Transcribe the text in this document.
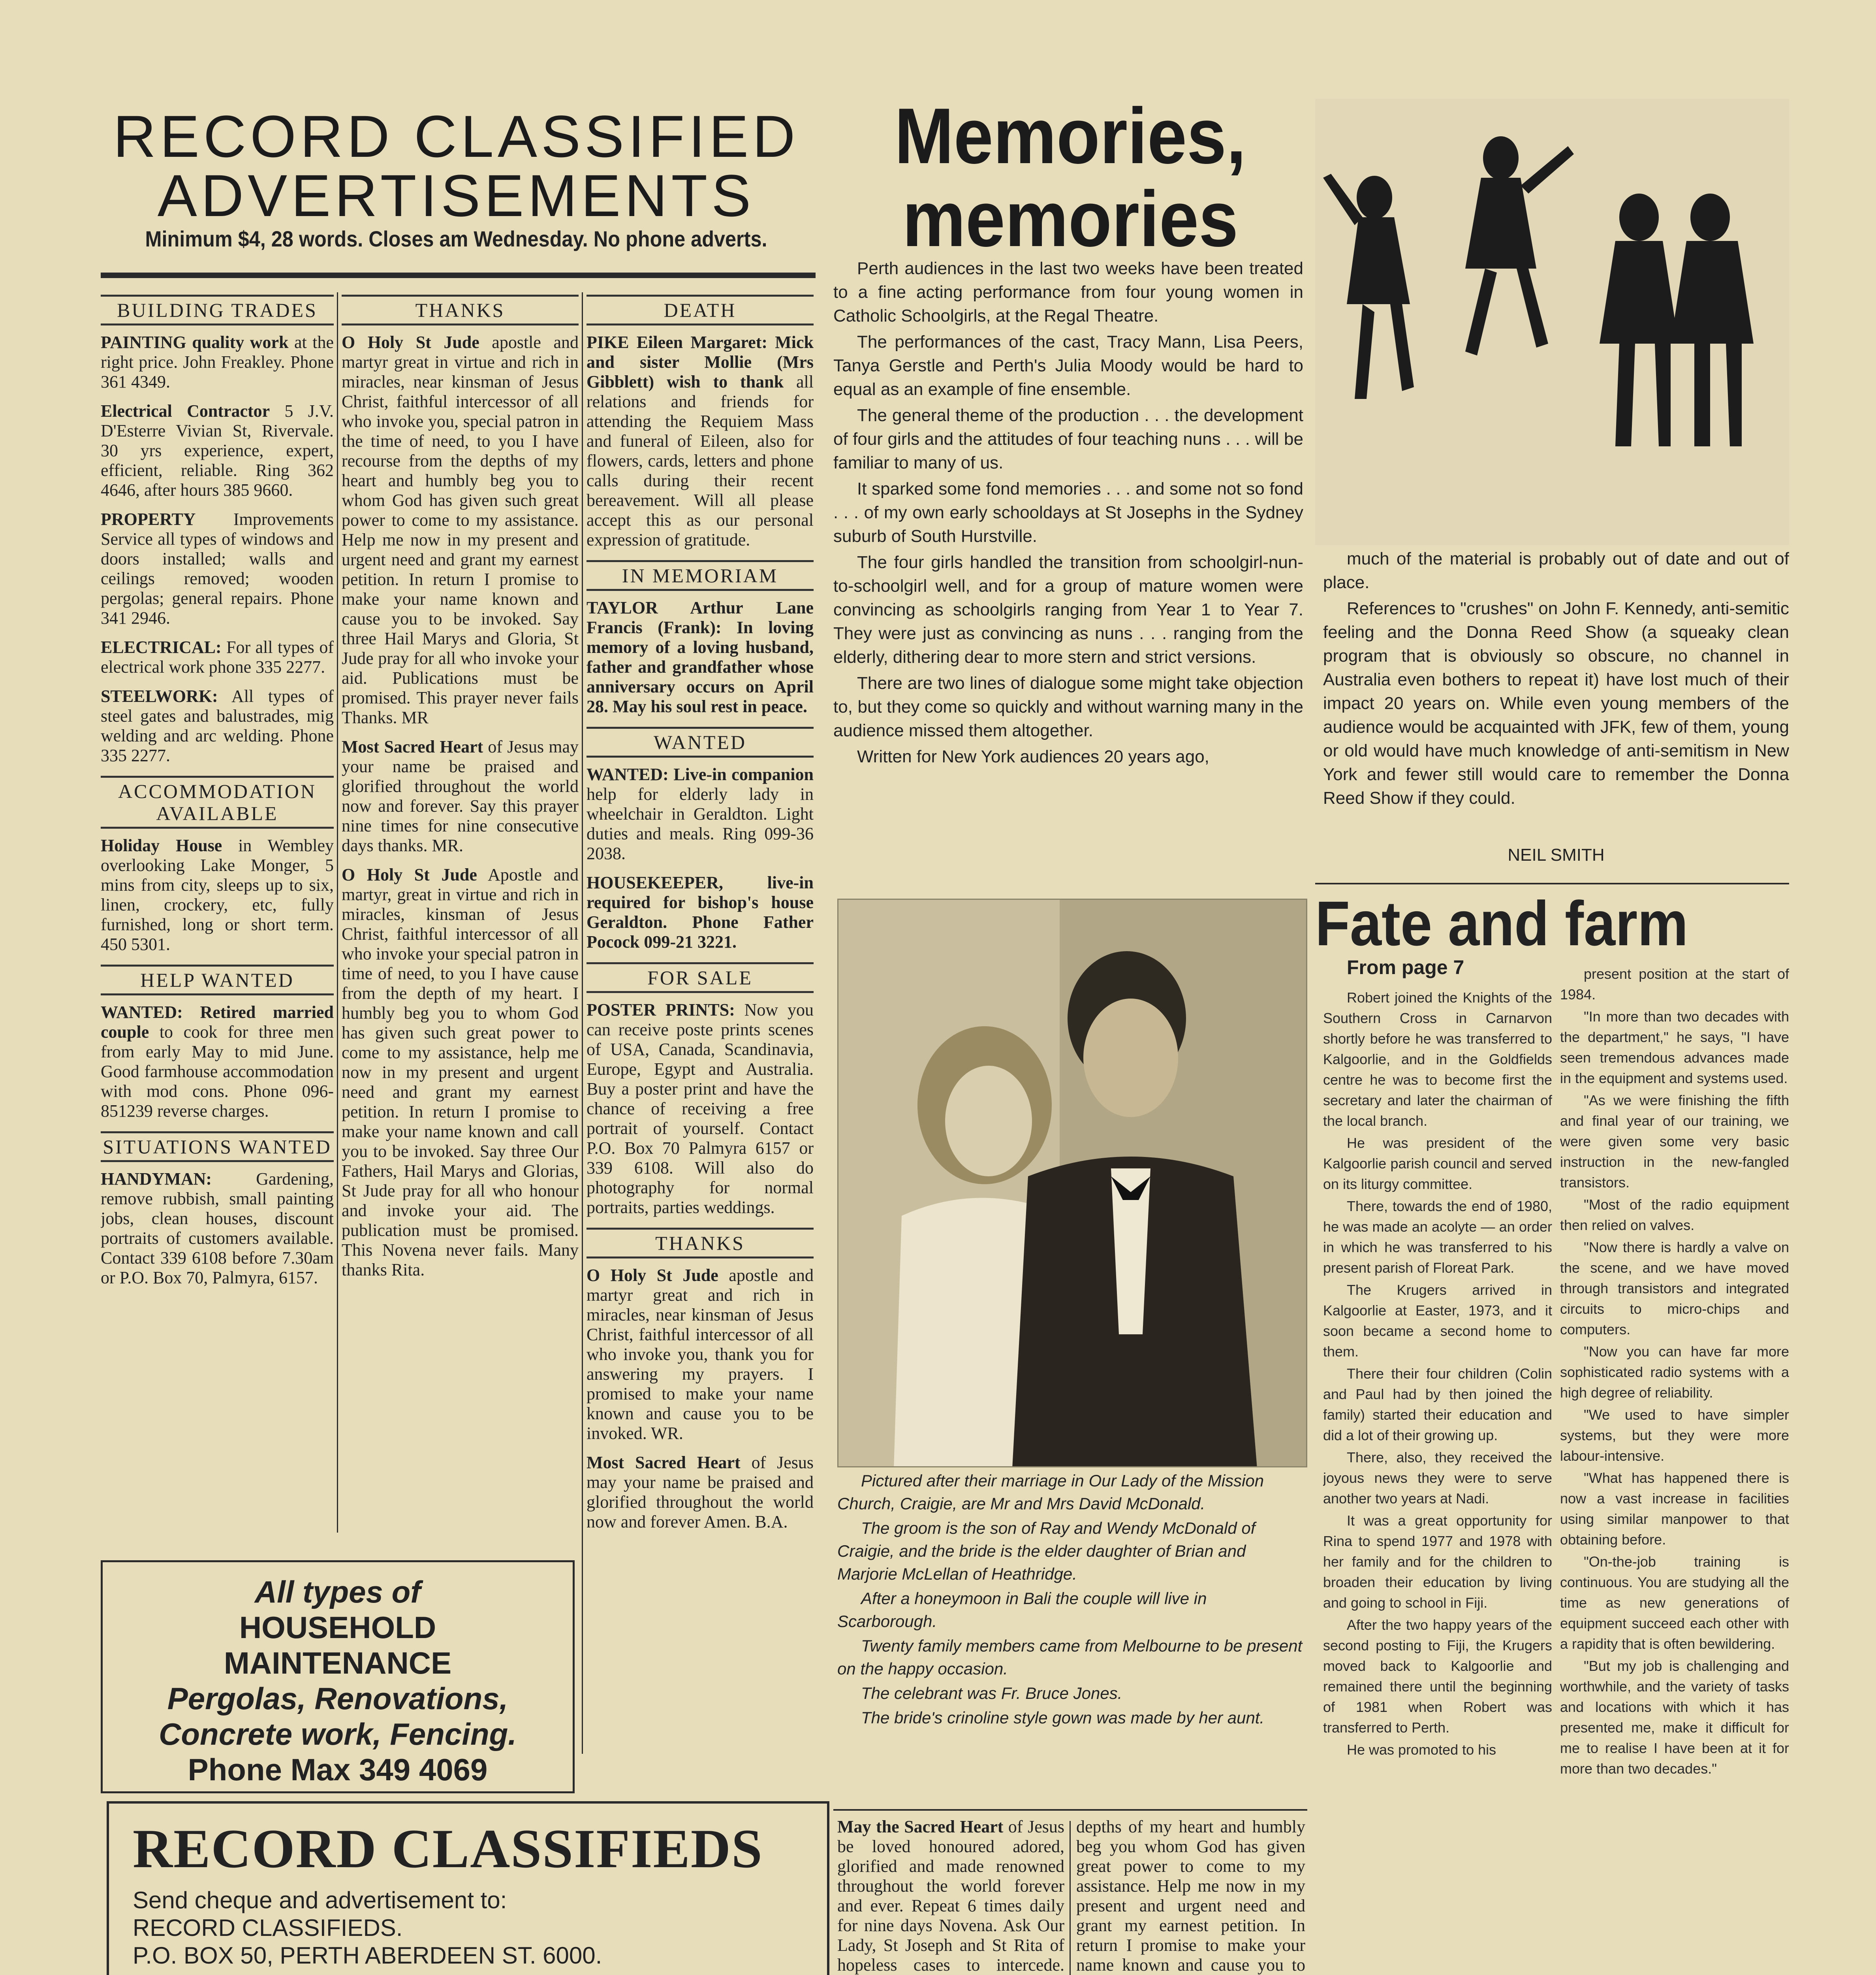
RECORD CLASSIFIED
ADVERTISEMENTS
Minimum $4, 28 words. Closes am Wednesday. No phone adverts.
BUILDING TRADES

PAINTING quality work at the right price. John Freakley. Phone 361 4349.

Electrical Contractor 5 J.V. D'Esterre Vivian St, Rivervale. 30 yrs experience, expert, efficient, reliable. Ring 362 4646, after hours 385 9660.

PROPERTY Improvements Service all types of windows and doors installed; walls and ceilings removed; wooden pergolas; general repairs. Phone 341 2946.

ELECTRICAL: For all types of electrical work phone 335 2277.

STEELWORK: All types of steel gates and balustrades, mig welding and arc welding. Phone 335 2277.

ACCOMMODATION AVAILABLE

Holiday House in Wembley overlooking Lake Monger, 5 mins from city, sleeps up to six, linen, crockery, etc, fully furnished, long or short term. 450 5301.

HELP WANTED

WANTED: Retired married couple to cook for three men from early May to mid June. Good farmhouse accommodation with mod cons. Phone 096-851239 reverse charges.

SITUATIONS WANTED

HANDYMAN: Gardening, remove rubbish, small painting jobs, clean houses, discount portraits of customers available. Contact 339 6108 before 7.30am or P.O. Box 70, Palmyra, 6157.

THANKS

O Holy St Jude apostle and martyr great in virtue and rich in miracles, near kinsman of Jesus Christ, faithful intercessor of all who invoke you, special patron in the time of need, to you I have recourse from the depths of my heart and humbly beg you to whom God has given such great power to come to my assistance. Help me now in my present and urgent need and grant my earnest petition. In return I promise to make your name known and cause you to be invoked. Say three Hail Marys and Gloria, St Jude pray for all who invoke your aid. Publications must be promised. This prayer never fails Thanks. MR

Most Sacred Heart of Jesus may your name be praised and glorified throughout the world now and forever. Say this prayer nine times for nine consecutive days thanks. MR.

O Holy St Jude Apostle and martyr, great in virtue and rich in miracles, kinsman of Jesus Christ, faithful intercessor of all who invoke your special patron in time of need, to you I have cause from the depth of my heart. I humbly beg you to whom God has given such great power to come to my assistance, help me now in my present and urgent need and grant my earnest petition. In return I promise to make your name known and call you to be invoked. Say three Our Fathers, Hail Marys and Glorias, St Jude pray for all who honour and invoke your aid. The publication must be promised. This Novena never fails. Many thanks Rita.

DEATH

PIKE Eileen Margaret: Mick and sister Mollie (Mrs Gibblett) wish to thank all relations and friends for attending the Requiem Mass and funeral of Eileen, also for flowers, cards, letters and phone calls during their recent bereavement. Will all please accept this as our personal expression of gratitude.

IN MEMORIAM

TAYLOR Arthur Lane Francis (Frank): In loving memory of a loving husband, father and grandfather whose anniversary occurs on April 28. May his soul rest in peace.

WANTED

WANTED: Live-in companion help for elderly lady in wheelchair in Geraldton. Light duties and meals. Ring 099-36 2038.

HOUSEKEEPER, live-in required for bishop's house Geraldton. Phone Father Pocock 099-21 3221.

FOR SALE

POSTER PRINTS: Now you can receive poste prints scenes of USA, Canada, Scandinavia, Europe, Egypt and Australia. Buy a poster print and have the chance of receiving a free portrait of yourself. Contact P.O. Box 70 Palmyra 6157 or 339 6108. Will also do photography for normal portraits, parties weddings.

THANKS

O Holy St Jude apostle and martyr great and rich in miracles, near kinsman of Jesus Christ, faithful intercessor of all who invoke you, thank you for answering my prayers. I promised to make your name known and cause you to be invoked. WR.

Most Sacred Heart of Jesus may your name be praised and glorified throughout the world now and forever Amen. B.A.

All types of
HOUSEHOLD
MAINTENANCE
Pergolas, Renovations,
Concrete work, Fencing.
Phone Max 349 4069
RECORD CLASSIFIEDS
Send cheque and advertisement to:
RECORD CLASSIFIEDS.
P.O. BOX 50, PERTH ABERDEEN ST. 6000.
Memories,
memories

Perth audiences in the last two weeks have been treated to a fine acting performance from four young women in Catholic Schoolgirls, at the Regal Theatre.

The performances of the cast, Tracy Mann, Lisa Peers, Tanya Gerstle and Perth's Julia Moody would be hard to equal as an example of fine ensemble.

The general theme of the production . . . the development of four girls and the attitudes of four teaching nuns . . . will be familiar to many of us.

It sparked some fond memories . . . and some not so fond . . . of my own early schooldays at St Josephs in the Sydney suburb of South Hurstville.

The four girls handled the transition from schoolgirl-nun-to-schoolgirl well, and for a group of mature women were convincing as schoolgirls ranging from Year 1 to Year 7. They were just as convincing as nuns . . . ranging from the elderly, dithering dear to more stern and strict versions.

There are two lines of dialogue some might take objection to, but they come so quickly and without warning many in the audience missed them altogether.

Written for New York audiences 20 years ago,

much of the material is probably out of date and out of place.

References to "crushes" on John F. Kennedy, anti-semitic feeling and the Donna Reed Show (a squeaky clean program that is obviously so obscure, no channel in Australia even bothers to repeat it) have lost much of their impact 20 years on. While even young members of the audience would be acquainted with JFK, few of them, young or old would have much knowledge of anti-semitism in New York and fewer still would care to remember the Donna Reed Show if they could.

NEIL SMITH

Pictured after their marriage in Our Lady of the Mission Church, Craigie, are Mr and Mrs David McDonald.

The groom is the son of Ray and Wendy McDonald of Craigie, and the bride is the elder daughter of Brian and Marjorie McLellan of Heathridge.

After a honeymoon in Bali the couple will live in Scarborough.

Twenty family members came from Melbourne to be present on the happy occasion.

The celebrant was Fr. Bruce Jones.

The bride's crinoline style gown was made by her aunt.

May the Sacred Heart of Jesus be loved honoured adored, glorified and made renowned throughout the world forever and ever. Repeat 6 times daily for nine days Novena. Ask Our Lady, St Joseph and St Rita of hopeless cases to intercede.

depths of my heart and humbly beg you whom God has given great power to come to my assistance. Help me now in my present and urgent need and grant my earnest petition. In return I promise to make your name known and cause you to

Fate and farm
From page 7

Robert joined the Knights of the Southern Cross in Carnarvon shortly before he was transferred to Kalgoorlie, and in the Goldfields centre he was to become first the secretary and later the chairman of the local branch.

He was president of the Kalgoorlie parish council and served on its liturgy committee.

There, towards the end of 1980, he was made an acolyte — an order in which he was transferred to his present parish of Floreat Park.

The Krugers arrived in Kalgoorlie at Easter, 1973, and it soon became a second home to them.

There their four children (Colin and Paul had by then joined the family) started their education and did a lot of their growing up.

There, also, they received the joyous news they were to serve another two years at Nadi.

It was a great opportunity for Rina to spend 1977 and 1978 with her family and for the children to broaden their education by living and going to school in Fiji.

After the two happy years of the second posting to Fiji, the Krugers moved back to Kalgoorlie and remained there until the beginning of 1981 when Robert was transferred to Perth.

He was promoted to his

present position at the start of 1984.

"In more than two decades with the department," he says, "I have seen tremendous advances made in the equipment and systems used.

"As we were finishing the fifth and final year of our training, we were given some very basic instruction in the new-fangled transistors.

"Most of the radio equipment then relied on valves.

"Now there is hardly a valve on the scene, and we have moved through transistors and integrated circuits to micro-chips and computers.

"Now you can have far more sophisticated radio systems with a high degree of reliability.

"We used to have simpler systems, but they were more labour-intensive.

"What has happened there is now a vast increase in facilities using similar manpower to that obtaining before.

"On-the-job training is continuous. You are studying all the time as new generations of equipment succeed each other with a rapidity that is often bewildering.

"But my job is challenging and worthwhile, and the variety of tasks and locations with which it has presented me, make it difficult for me to realise I have been at it for more than two decades."
